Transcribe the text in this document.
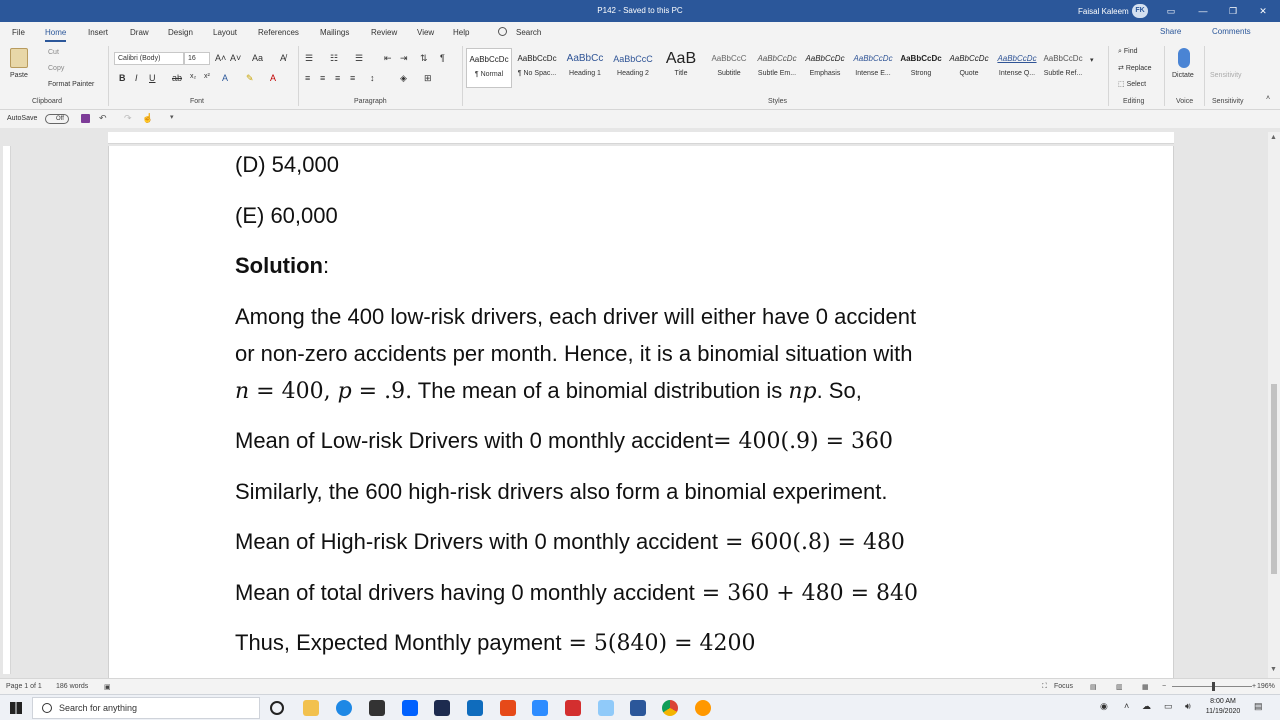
P142 - Saved to this PC	Faisal Kaleem FK	▭	—	❐	✕
File	Home	Insert	Draw Design	Layout	References	Mailings	Review View Help	Search	Share	Comments
Paste
Cut
Copy
Format Painter
Clipboard
Calibri (Body)	16	A˄ A˅ Aa A̸
B I U ab x₂ x² A ✎ A
Font
☰ ☷ ☰ ⇤ ⇥ ⇅ ¶
≡ ≡ ≡ ≡ ↕	◈ ⊞
Paragraph
AaBbCcDc
¶ Normal
AaBbCcDc
¶ No Spac...
AaBbCc
Heading 1
AaBbCcC
Heading 2
AaB
Title
AaBbCcC
Subtitle
AaBbCcDc
Subtle Em...
AaBbCcDc
Emphasis
AaBbCcDc
Intense E...
AaBbCcDc
Strong
AaBbCcDc
Quote
AaBbCcDc
Intense Q...
AaBbCcDc
Subtle Ref...
▾
Styles
⌕ Find
⇄ Replace
⬚ Select
Editing
Dictate
Voice
Sensitivity
Sensitivity	˄
AutoSave	Off	↶ ↷ ☝ ▾
(D) 54,000
(E) 60,000
Solution:
Among the 400 low-risk drivers, each driver will either have 0 accident
or non-zero accidents per month. Hence, it is a binomial situation with
n = 400, p = .9. The mean of a binomial distribution is np. So,
Mean of Low-risk Drivers with 0 monthly accident= 400(.9) = 360
Similarly, the 600 high-risk drivers also form a binomial experiment.
Mean of High-risk Drivers with 0 monthly accident = 600(.8) = 480
Mean of total drivers having 0 monthly accident = 360 + 480 = 840
Thus, Expected Monthly payment = 5(840) = 4200
▲
▼
Page 1 of 1 186 words ▣	⛶ Focus ▤	▥	▦ −	+ 196%
Search for anything	◉ ˄ ☁ ▭ 🔊︎	8:00 AM
11/19/2020
▤
